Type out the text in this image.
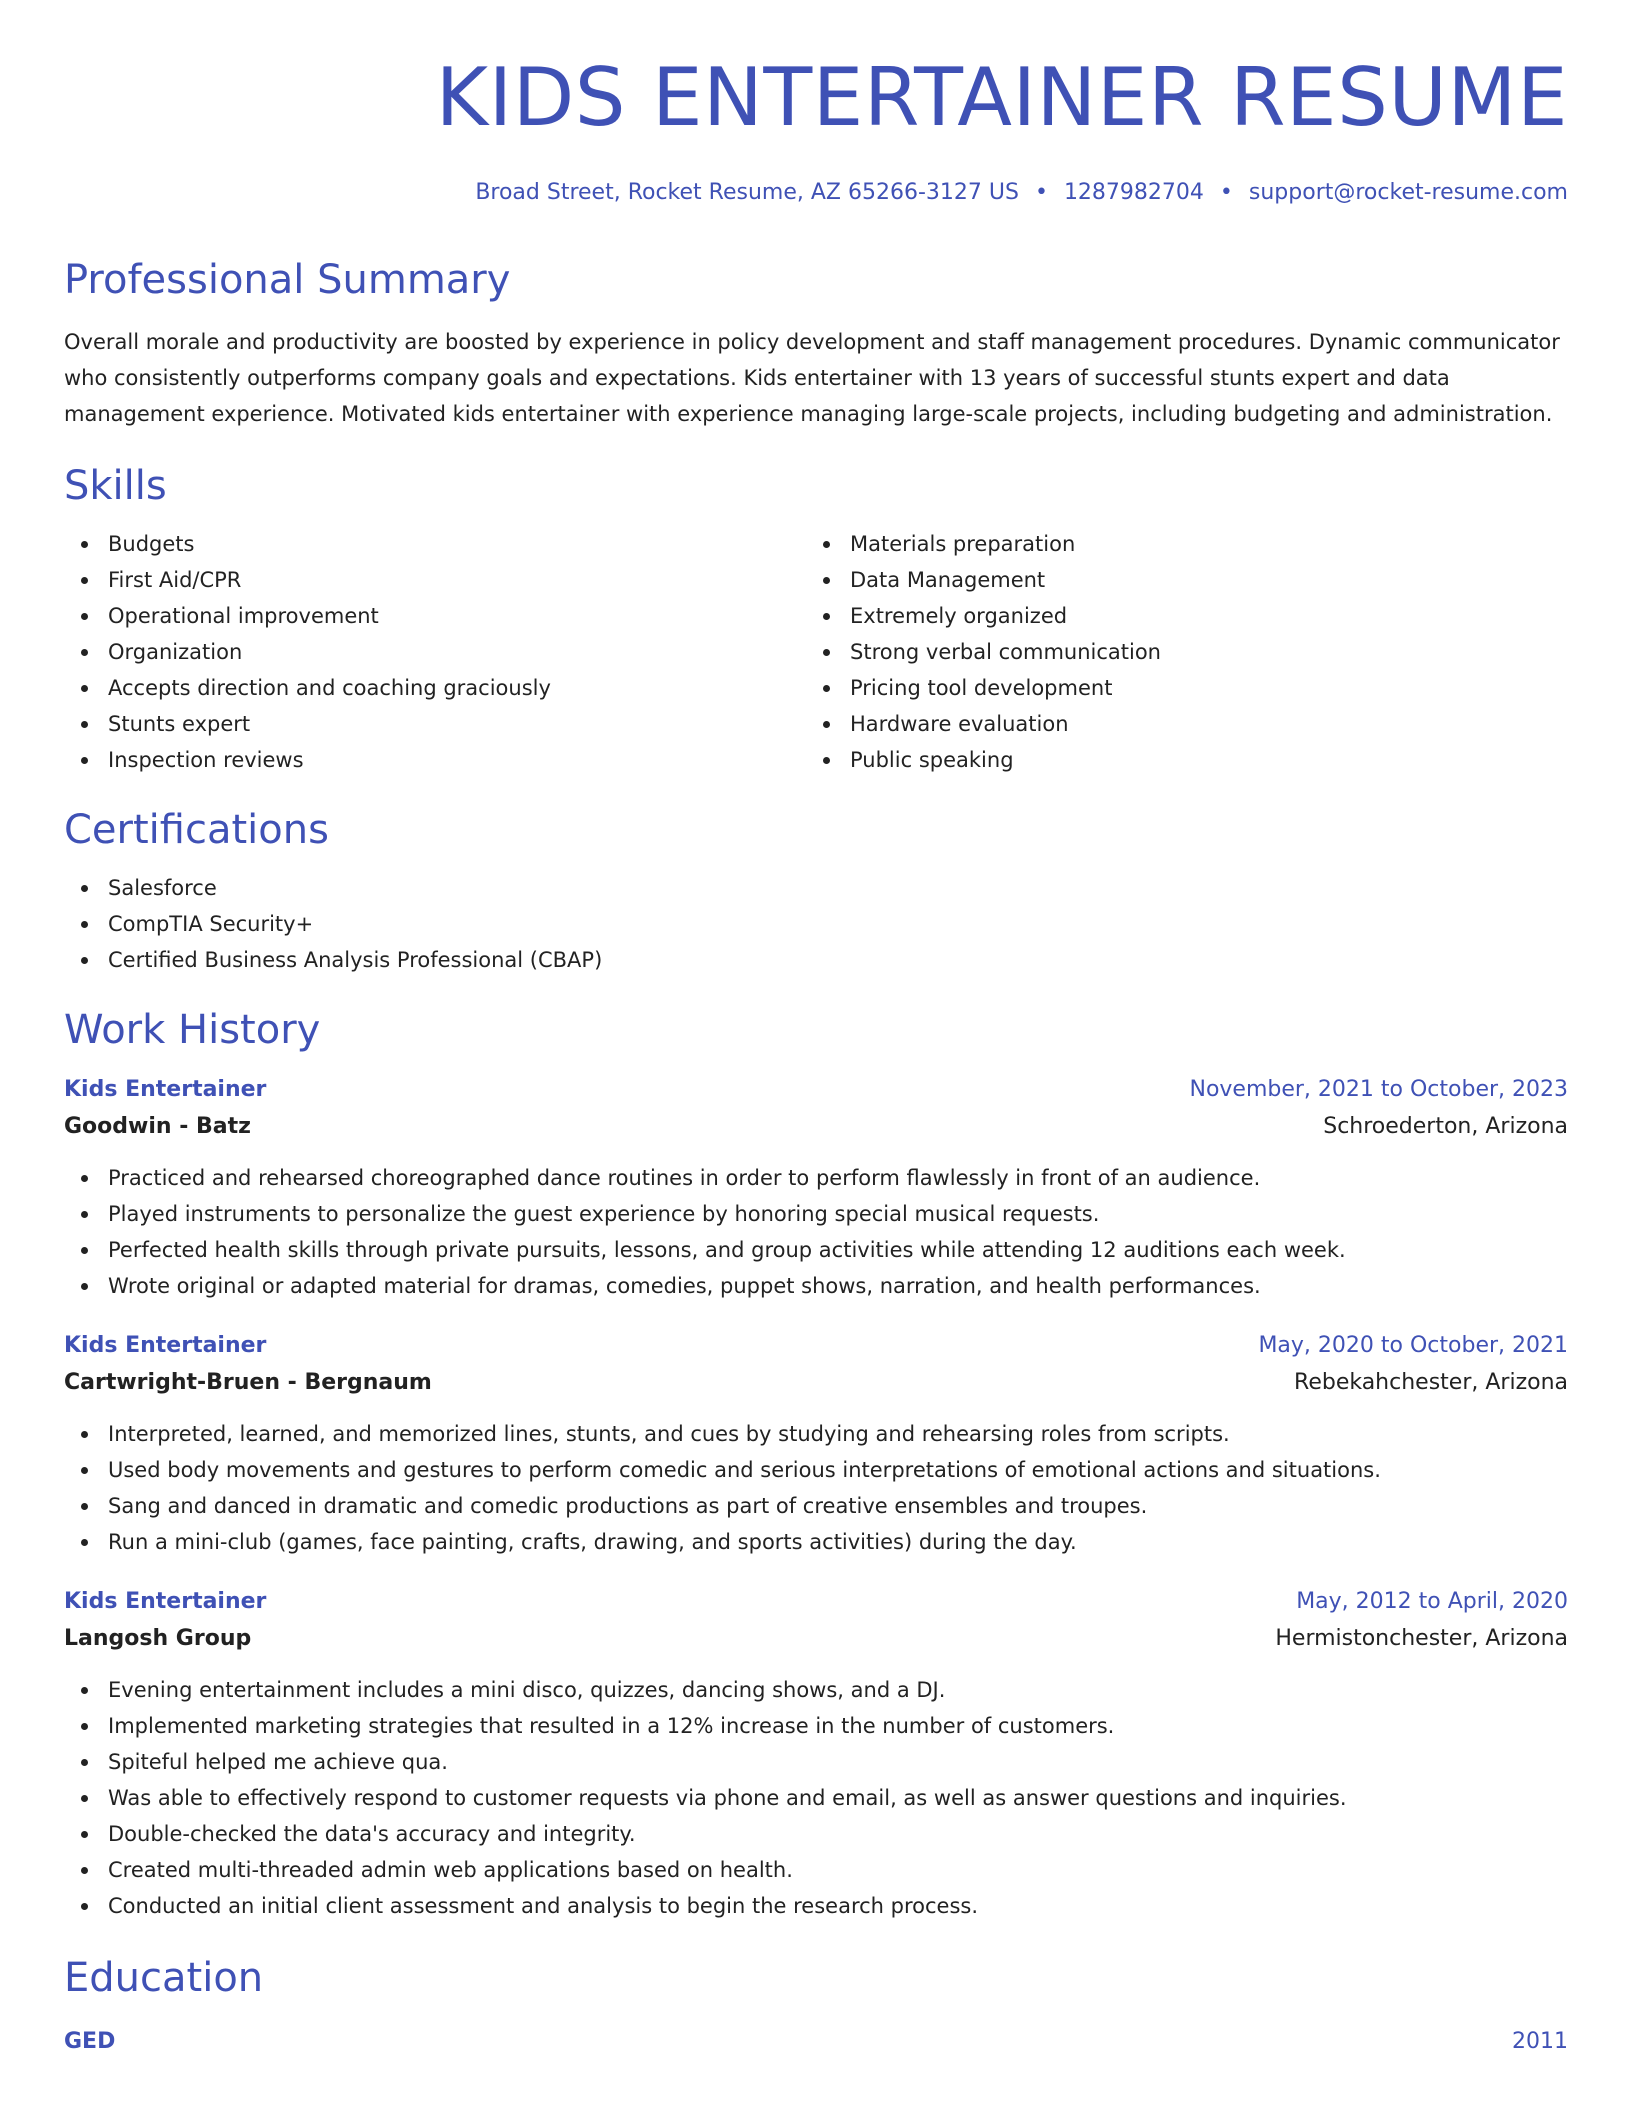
KIDS ENTERTAINER RESUME
Broad Street, Rocket Resume, AZ 65266-3127 US • 1287982704 • support@rocket-resume.com
Professional Summary

Overall morale and productivity are boosted by experience in policy development and staff management procedures. Dynamic communicator who consistently outperforms company goals and expectations. Kids entertainer with 13 years of successful stunts expert and data management experience. Motivated kids entertainer with experience managing large-scale projects, including budgeting and administration.

Skills
Budgets
First Aid/CPR
Operational improvement
Organization
Accepts direction and coaching graciously
Stunts expert
Inspection reviews
Materials preparation
Data Management
Extremely organized
Strong verbal communication
Pricing tool development
Hardware evaluation
Public speaking
Certifications
Salesforce
CompTIA Security+
Certified Business Analysis Professional (CBAP)
Work History
Kids Entertainer	November, 2021 to October, 2023
Goodwin - Batz	Schroederton, Arizona
Practiced and rehearsed choreographed dance routines in order to perform flawlessly in front of an audience.
Played instruments to personalize the guest experience by honoring special musical requests.
Perfected health skills through private pursuits, lessons, and group activities while attending 12 auditions each week.
Wrote original or adapted material for dramas, comedies, puppet shows, narration, and health performances.
Kids Entertainer	May, 2020 to October, 2021
Cartwright-Bruen - Bergnaum	Rebekahchester, Arizona
Interpreted, learned, and memorized lines, stunts, and cues by studying and rehearsing roles from scripts.
Used body movements and gestures to perform comedic and serious interpretations of emotional actions and situations.
Sang and danced in dramatic and comedic productions as part of creative ensembles and troupes.
Run a mini-club (games, face painting, crafts, drawing, and sports activities) during the day.
Kids Entertainer	May, 2012 to April, 2020
Langosh Group	Hermistonchester, Arizona
Evening entertainment includes a mini disco, quizzes, dancing shows, and a DJ.
Implemented marketing strategies that resulted in a 12% increase in the number of customers.
Spiteful helped me achieve qua.
Was able to effectively respond to customer requests via phone and email, as well as answer questions and inquiries.
Double-checked the data's accuracy and integrity.
Created multi-threaded admin web applications based on health.
Conducted an initial client assessment and analysis to begin the research process.
Education
GED	2011
